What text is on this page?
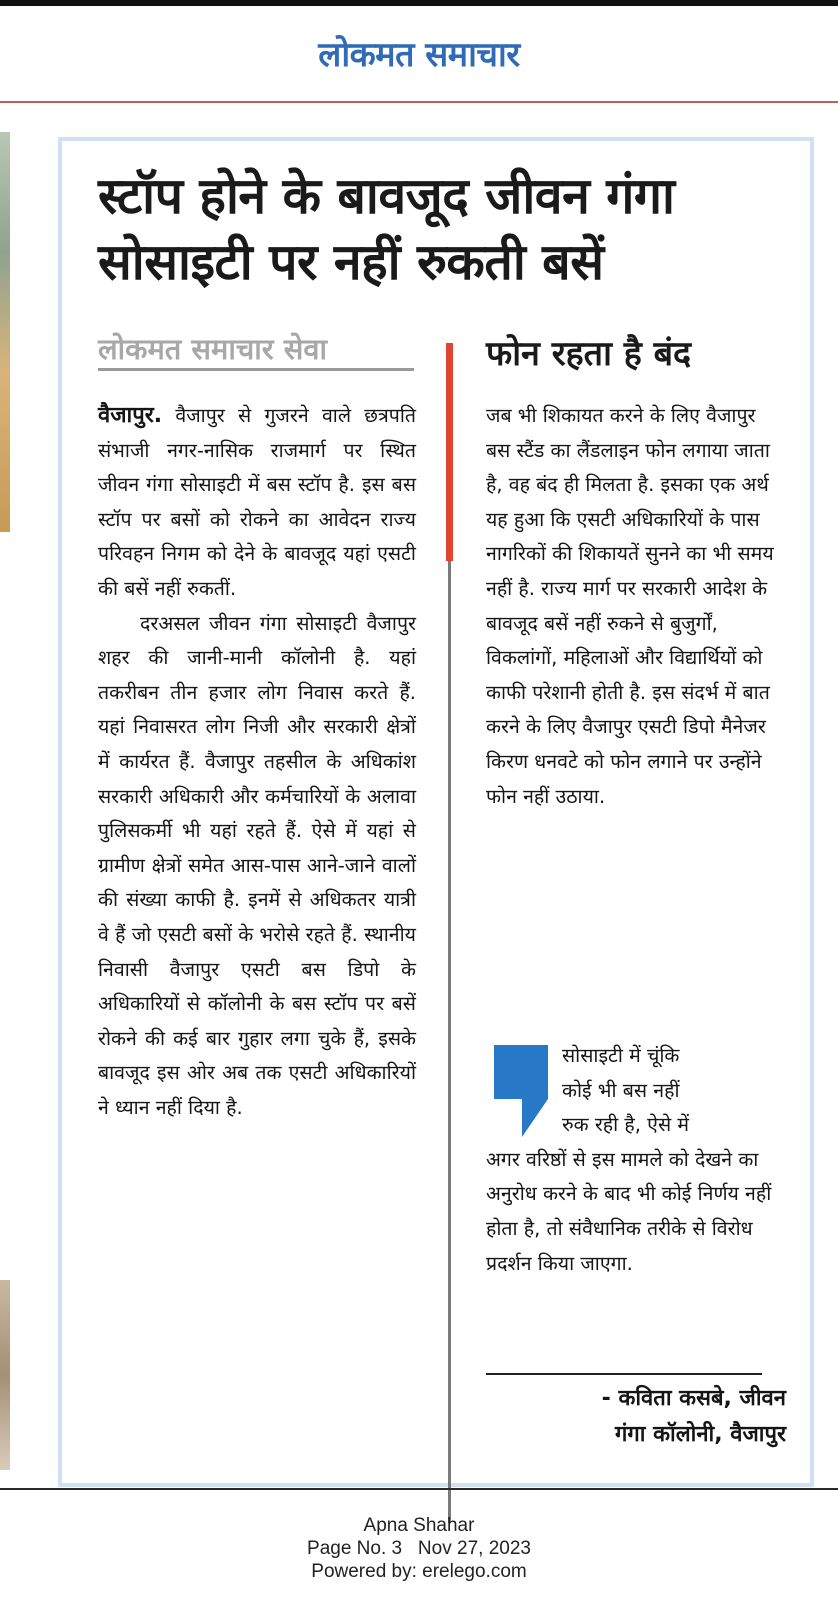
लोकमत समाचार
स्टॉप होने के बावजूद जीवन गंगा सोसाइटी पर नहीं रुकती बसें
लोकमत समाचार सेवा

वैजापुर. वैजापुर से गुजरने वाले छत्रपति संभाजी नगर-नासिक राजमार्ग पर स्थित जीवन गंगा सोसाइटी में बस स्टॉप है. इस बस स्टॉप पर बसों को रोकने का आवेदन राज्य परिवहन निगम को देने के बावजूद यहां एसटी की बसें नहीं रुकतीं.

दरअसल जीवन गंगा सोसाइटी वैजापुर शहर की जानी-मानी कॉलोनी है. यहां तकरीबन तीन हजार लोग निवास करते हैं. यहां निवासरत लोग निजी और सरकारी क्षेत्रों में कार्यरत हैं. वैजापुर तहसील के अधिकांश सरकारी अधिकारी और कर्मचारियों के अलावा पुलिसकर्मी भी यहां रहते हैं. ऐसे में यहां से ग्रामीण क्षेत्रों समेत आस-पास आने-जाने वालों की संख्या काफी है. इनमें से अधिकतर यात्री वे हैं जो एसटी बसों के भरोसे रहते हैं. स्थानीय निवासी वैजापुर एसटी बस डिपो के अधिकारियों से कॉलोनी के बस स्टॉप पर बसें रोकने की कई बार गुहार लगा चुके हैं, इसके बावजूद इस ओर अब तक एसटी अधिकारियों ने ध्यान नहीं दिया है.

फोन रहता है बंद
जब भी शिकायत करने के लिए वैजापुर बस स्टैंड का लैंडलाइन फोन लगाया जाता है, वह बंद ही मिलता है. इसका एक अर्थ यह हुआ कि एसटी अधिकारियों के पास नागरिकों की शिकायतें सुनने का भी समय नहीं है. राज्य मार्ग पर सरकारी आदेश के बावजूद बसें नहीं रुकने से बुजुर्गों, विकलांगों, महिलाओं और विद्यार्थियों को काफी परेशानी होती है. इस संदर्भ में बात करने के लिए वैजापुर एसटी डिपो मैनेजर किरण धनवटे को फोन लगाने पर उन्होंने फोन नहीं उठाया.
सोसाइटी में चूंकि
कोई भी बस नहीं
रुक रही है, ऐसे में
अगर वरिष्ठों से इस मामले को देखने का अनुरोध करने के बाद भी कोई निर्णय नहीं होता है, तो संवैधानिक तरीके से विरोध प्रदर्शन किया जाएगा.
- कविता कसबे, जीवन
गंगा कॉलोनी, वैजापुर
Apna Shahar
Page No. 3   Nov 27, 2023
Powered by: erelego.com
